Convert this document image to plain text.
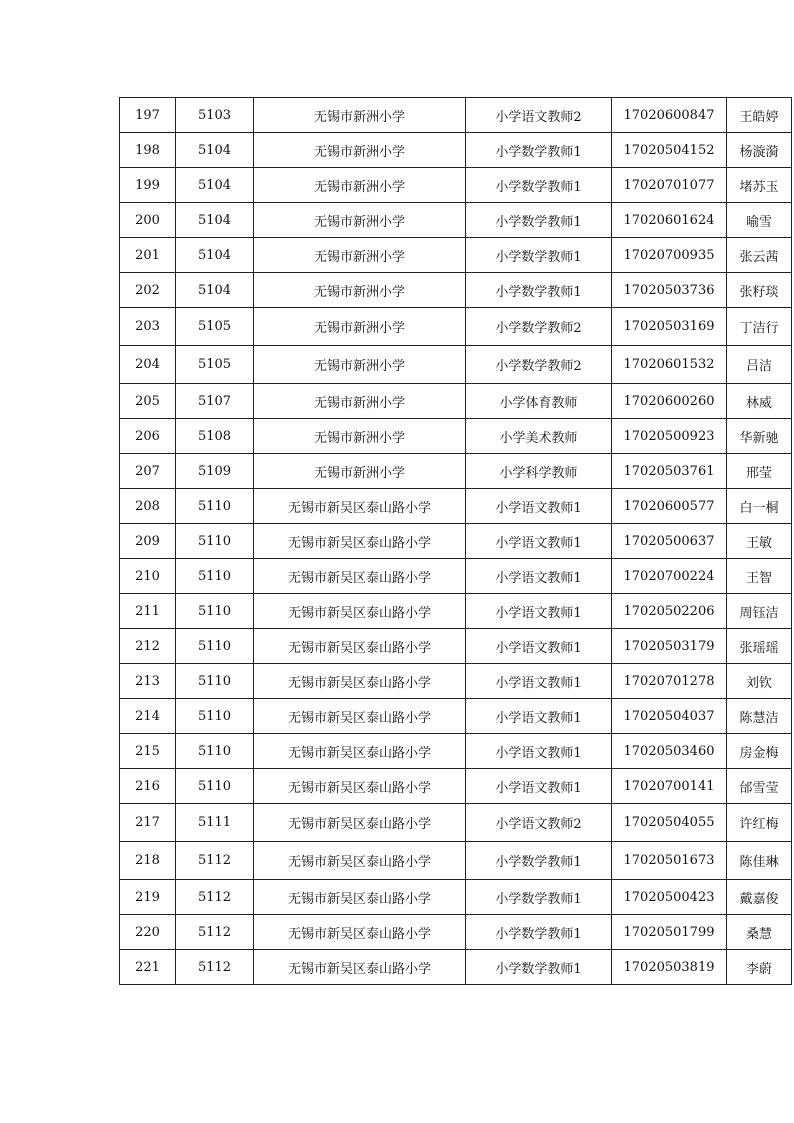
197	5103	无锡市新洲小学	小学语文教师2	17020600847	王皓婷
198	5104	无锡市新洲小学	小学数学教师1	17020504152	杨漩漪
199	5104	无锡市新洲小学	小学数学教师1	17020701077	堵苏玉
200	5104	无锡市新洲小学	小学数学教师1	17020601624	喻雪
201	5104	无锡市新洲小学	小学数学教师1	17020700935	张云茜
202	5104	无锡市新洲小学	小学数学教师1	17020503736	张籽琰
203	5105	无锡市新洲小学	小学数学教师2	17020503169	丁洁行
204	5105	无锡市新洲小学	小学数学教师2	17020601532	吕洁
205	5107	无锡市新洲小学	小学体育教师	17020600260	林威
206	5108	无锡市新洲小学	小学美术教师	17020500923	华新驰
207	5109	无锡市新洲小学	小学科学教师	17020503761	邢莹
208	5110	无锡市新吴区泰山路小学	小学语文教师1	17020600577	白一桐
209	5110	无锡市新吴区泰山路小学	小学语文教师1	17020500637	王敏
210	5110	无锡市新吴区泰山路小学	小学语文教师1	17020700224	王智
211	5110	无锡市新吴区泰山路小学	小学语文教师1	17020502206	周钰洁
212	5110	无锡市新吴区泰山路小学	小学语文教师1	17020503179	张瑶瑶
213	5110	无锡市新吴区泰山路小学	小学语文教师1	17020701278	刘钦
214	5110	无锡市新吴区泰山路小学	小学语文教师1	17020504037	陈慧洁
215	5110	无锡市新吴区泰山路小学	小学语文教师1	17020503460	房金梅
216	5110	无锡市新吴区泰山路小学	小学语文教师1	17020700141	邰雪莹
217	5111	无锡市新吴区泰山路小学	小学语文教师2	17020504055	许红梅
218	5112	无锡市新吴区泰山路小学	小学数学教师1	17020501673	陈佳琳
219	5112	无锡市新吴区泰山路小学	小学数学教师1	17020500423	戴嘉俊
220	5112	无锡市新吴区泰山路小学	小学数学教师1	17020501799	桑慧
221	5112	无锡市新吴区泰山路小学	小学数学教师1	17020503819	李蔚
